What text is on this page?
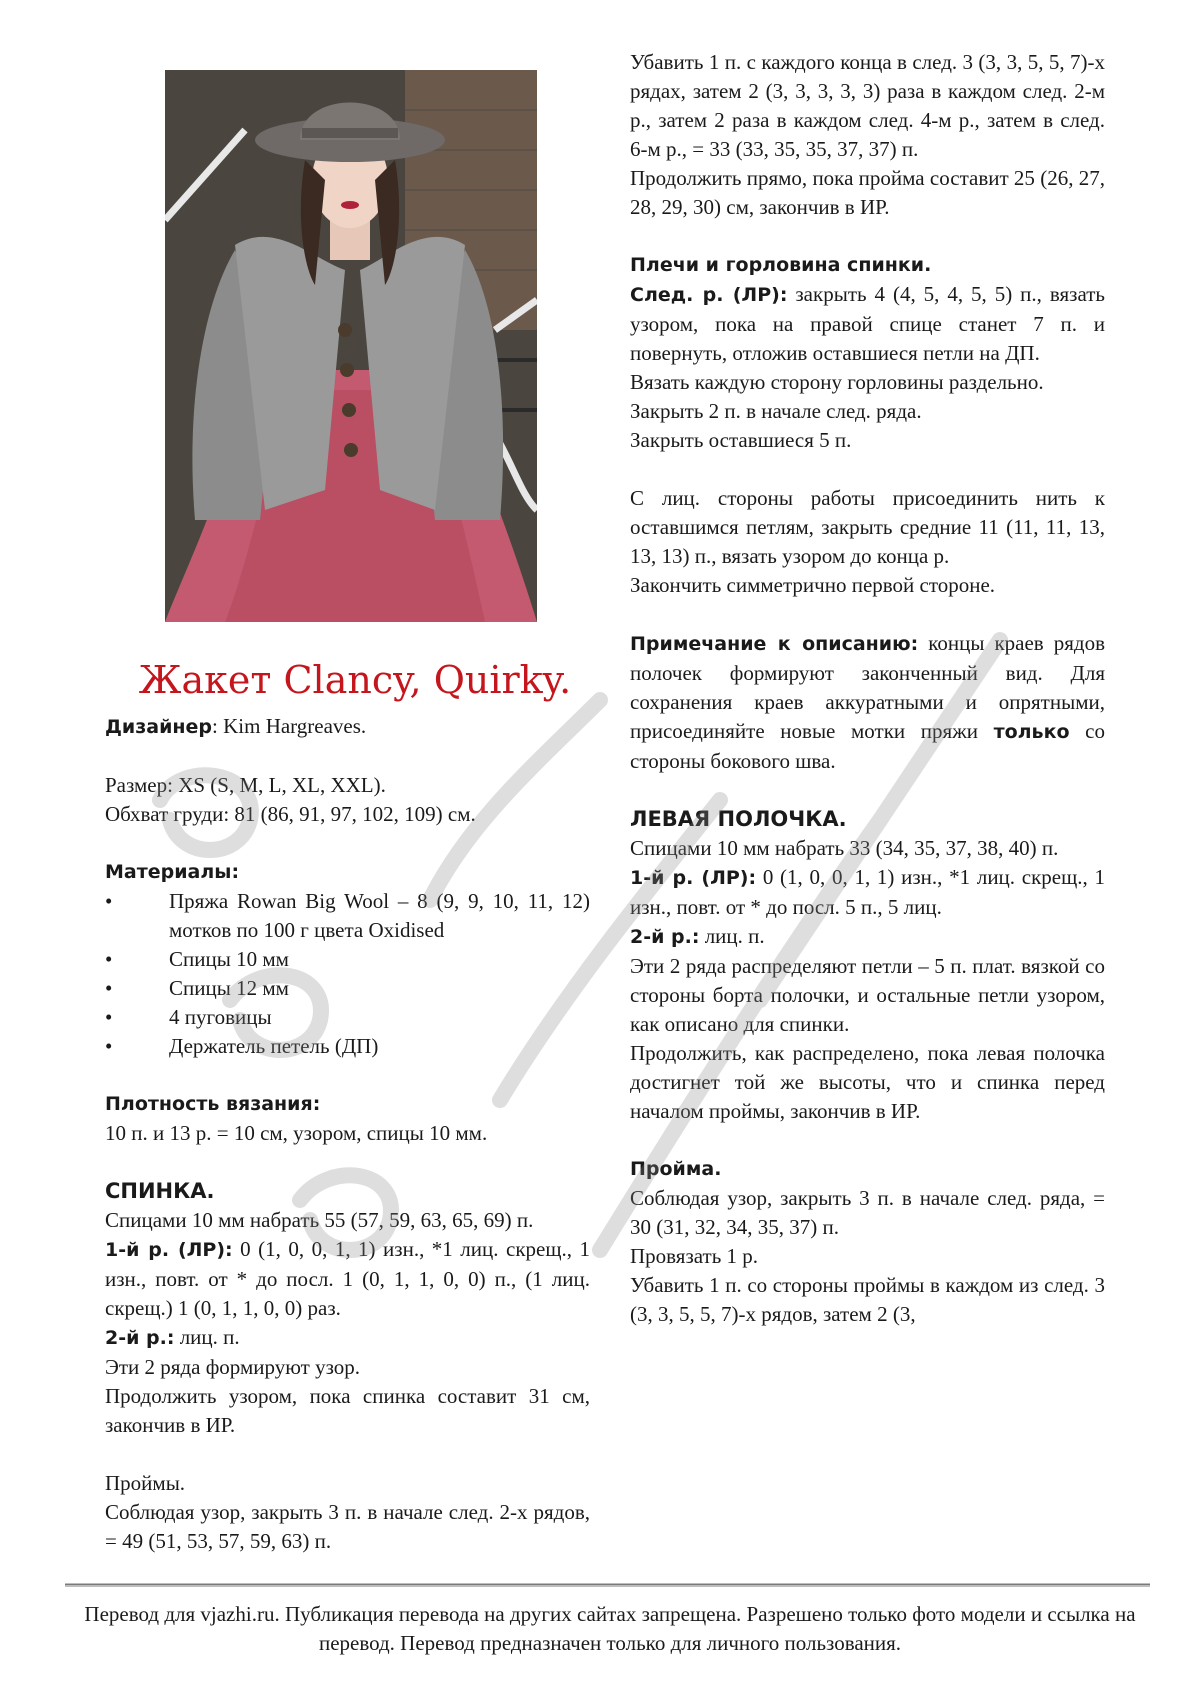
Жакет Clancy, Quirky.

Дизайнер: Kim Hargreaves.

Размер: XS (S, M, L, XL, XXL).

Обхват груди: 81 (86, 91, 97, 102, 109) см.

Материалы:

•	Пряжа Rowan Big Wool – 8 (9, 9, 10, 11, 12) мотков по 100 г цвета Oxidised
•	Спицы 10 мм
•	Спицы 12 мм
•	4 пуговицы
•	Держатель петель (ДП)

Плотность вязания:

10 п. и 13 р. = 10 см, узором, спицы 10 мм.

СПИНКА.

Спицами 10 мм набрать 55 (57, 59, 63, 65, 69) п.

1-й р. (ЛР): 0 (1, 0, 0, 1, 1) изн., *1 лиц. скрещ., 1 изн., повт. от * до посл. 1 (0, 1, 1, 0, 0) п., (1 лиц. скрещ.) 1 (0, 1, 1, 0, 0) раз.

2-й р.: лиц. п.

Эти 2 ряда формируют узор.

Продолжить узором, пока спинка составит 31 см, закончив в ИР.

Проймы.

Соблюдая узор, закрыть 3 п. в начале след. 2-х рядов, = 49 (51, 53, 57, 59, 63) п.

Убавить 1 п. с каждого конца в след. 3 (3, 3, 5, 5, 7)-х рядах, затем 2 (3, 3, 3, 3, 3) раза в каждом след. 2-м р., затем 2 раза в каждом след. 4-м р., затем в след. 6-м р., = 33 (33, 35, 35, 37, 37) п.

Продолжить прямо, пока пройма составит 25 (26, 27, 28, 29, 30) см, закончив в ИР.

Плечи и горловина спинки.

След. р. (ЛР): закрыть 4 (4, 5, 4, 5, 5) п., вязать узором, пока на правой спице станет 7 п. и повернуть, отложив оставшиеся петли на ДП.

Вязать каждую сторону горловины раздельно.

Закрыть 2 п. в начале след. ряда.

Закрыть оставшиеся 5 п.

С лиц. стороны работы присоединить нить к оставшимся петлям, закрыть средние 11 (11, 11, 13, 13, 13) п., вязать узором до конца р.

Закончить симметрично первой стороне.

Примечание к описанию: концы краев рядов полочек формируют законченный вид. Для сохранения краев аккуратными и опрятными, присоединяйте новые мотки пряжи только со стороны бокового шва.

ЛЕВАЯ ПОЛОЧКА.

Спицами 10 мм набрать 33 (34, 35, 37, 38, 40) п.

1-й р. (ЛР): 0 (1, 0, 0, 1, 1) изн., *1 лиц. скрещ., 1 изн., повт. от * до посл. 5 п., 5 лиц.

2-й р.: лиц. п.

Эти 2 ряда распределяют петли – 5 п. плат. вязкой со стороны борта полочки, и остальные петли узором, как описано для спинки.

Продолжить, как распределено, пока левая полочка достигнет той же высоты, что и спинка перед началом проймы, закончив в ИР.

Пройма.

Соблюдая узор, закрыть 3 п. в начале след. ряда, = 30 (31, 32, 34, 35, 37) п.

Провязать 1 р.

Убавить 1 п. со стороны проймы в каждом из след. 3 (3, 3, 5, 5, 7)-х рядов, затем 2 (3,

Перевод для vjazhi.ru. Публикация перевода на других сайтах запрещена. Разрешено только фото модели и ссылка на перевод. Перевод предназначен только для личного пользования.
